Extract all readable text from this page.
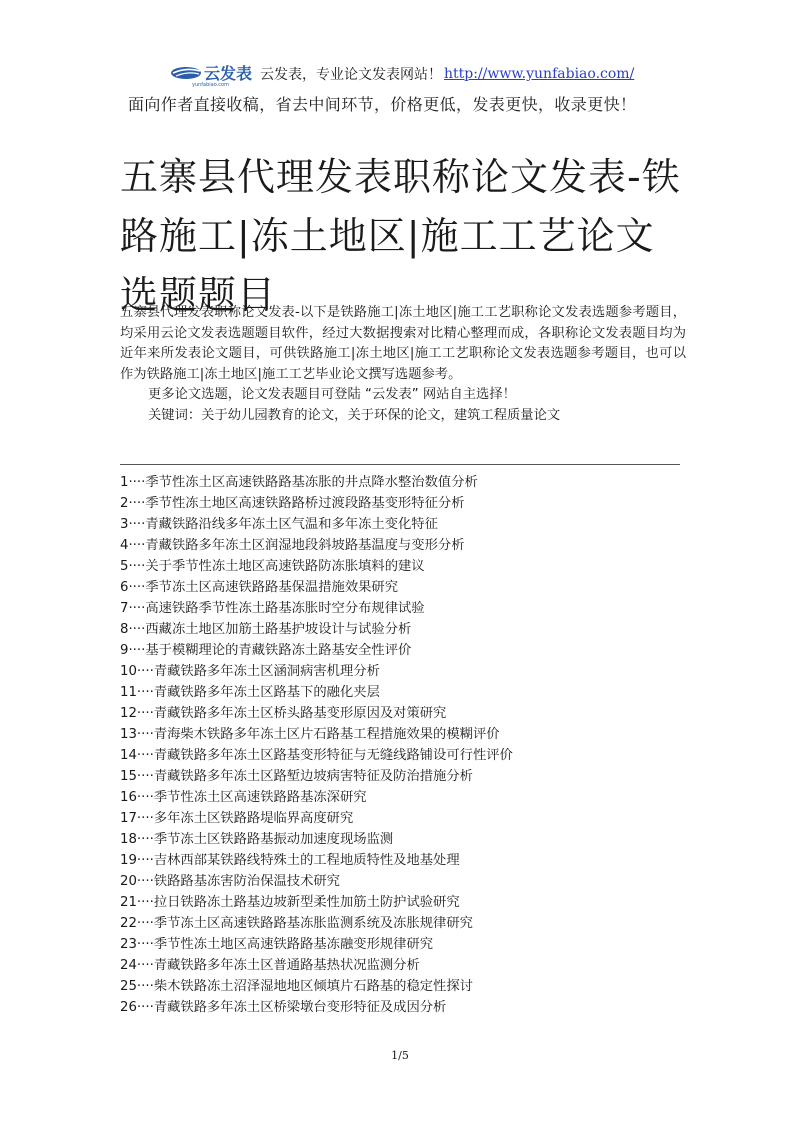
云发表
yunfabiao.com
云发表，专业论文发表网站！ http://www.yunfabiao.com/
面向作者直接收稿，省去中间环节，价格更低，发表更快，收录更快！
五寨县代理发表职称论文发表-铁路施工|冻土地区|施工工艺论文选题题目

五寨县代理发表职称论文发表-以下是铁路施工|冻土地区|施工工艺职称论文发表选题参考题目，均采用云论文发表选题题目软件，经过大数据搜索对比精心整理而成，各职称论文发表题目均为近年来所发表论文题目，可供铁路施工|冻土地区|施工工艺职称论文发表选题参考题目，也可以作为铁路施工|冻土地区|施工工艺毕业论文撰写选题参考。

更多论文选题，论文发表题目可登陆 “云发表” 网站自主选择！

关键词：关于幼儿园教育的论文，关于环保的论文，建筑工程质量论文

1····季节性冻土区高速铁路路基冻胀的井点降水整治数值分析
2····季节性冻土地区高速铁路路桥过渡段路基变形特征分析
3····青藏铁路沿线多年冻土区气温和多年冻土变化特征
4····青藏铁路多年冻土区润湿地段斜坡路基温度与变形分析
5····关于季节性冻土地区高速铁路防冻胀填料的建议
6····季节冻土区高速铁路路基保温措施效果研究
7····高速铁路季节性冻土路基冻胀时空分布规律试验
8····西藏冻土地区加筋土路基护坡设计与试验分析
9····基于模糊理论的青藏铁路冻土路基安全性评价
10····青藏铁路多年冻土区涵洞病害机理分析
11····青藏铁路多年冻土区路基下的融化夹层
12····青藏铁路多年冻土区桥头路基变形原因及对策研究
13····青海柴木铁路多年冻土区片石路基工程措施效果的模糊评价
14····青藏铁路多年冻土区路基变形特征与无缝线路铺设可行性评价
15····青藏铁路多年冻土区路堑边坡病害特征及防治措施分析
16····季节性冻土区高速铁路路基冻深研究
17····多年冻土区铁路路堤临界高度研究
18····季节冻土区铁路路基振动加速度现场监测
19····吉林西部某铁路线特殊土的工程地质特性及地基处理
20····铁路路基冻害防治保温技术研究
21····拉日铁路冻土路基边坡新型柔性加筋土防护试验研究
22····季节冻土区高速铁路路基冻胀监测系统及冻胀规律研究
23····季节性冻土地区高速铁路路基冻融变形规律研究
24····青藏铁路多年冻土区普通路基热状况监测分析
25····柴木铁路冻土沼泽湿地地区倾填片石路基的稳定性探讨
26····青藏铁路多年冻土区桥梁墩台变形特征及成因分析
1/5
